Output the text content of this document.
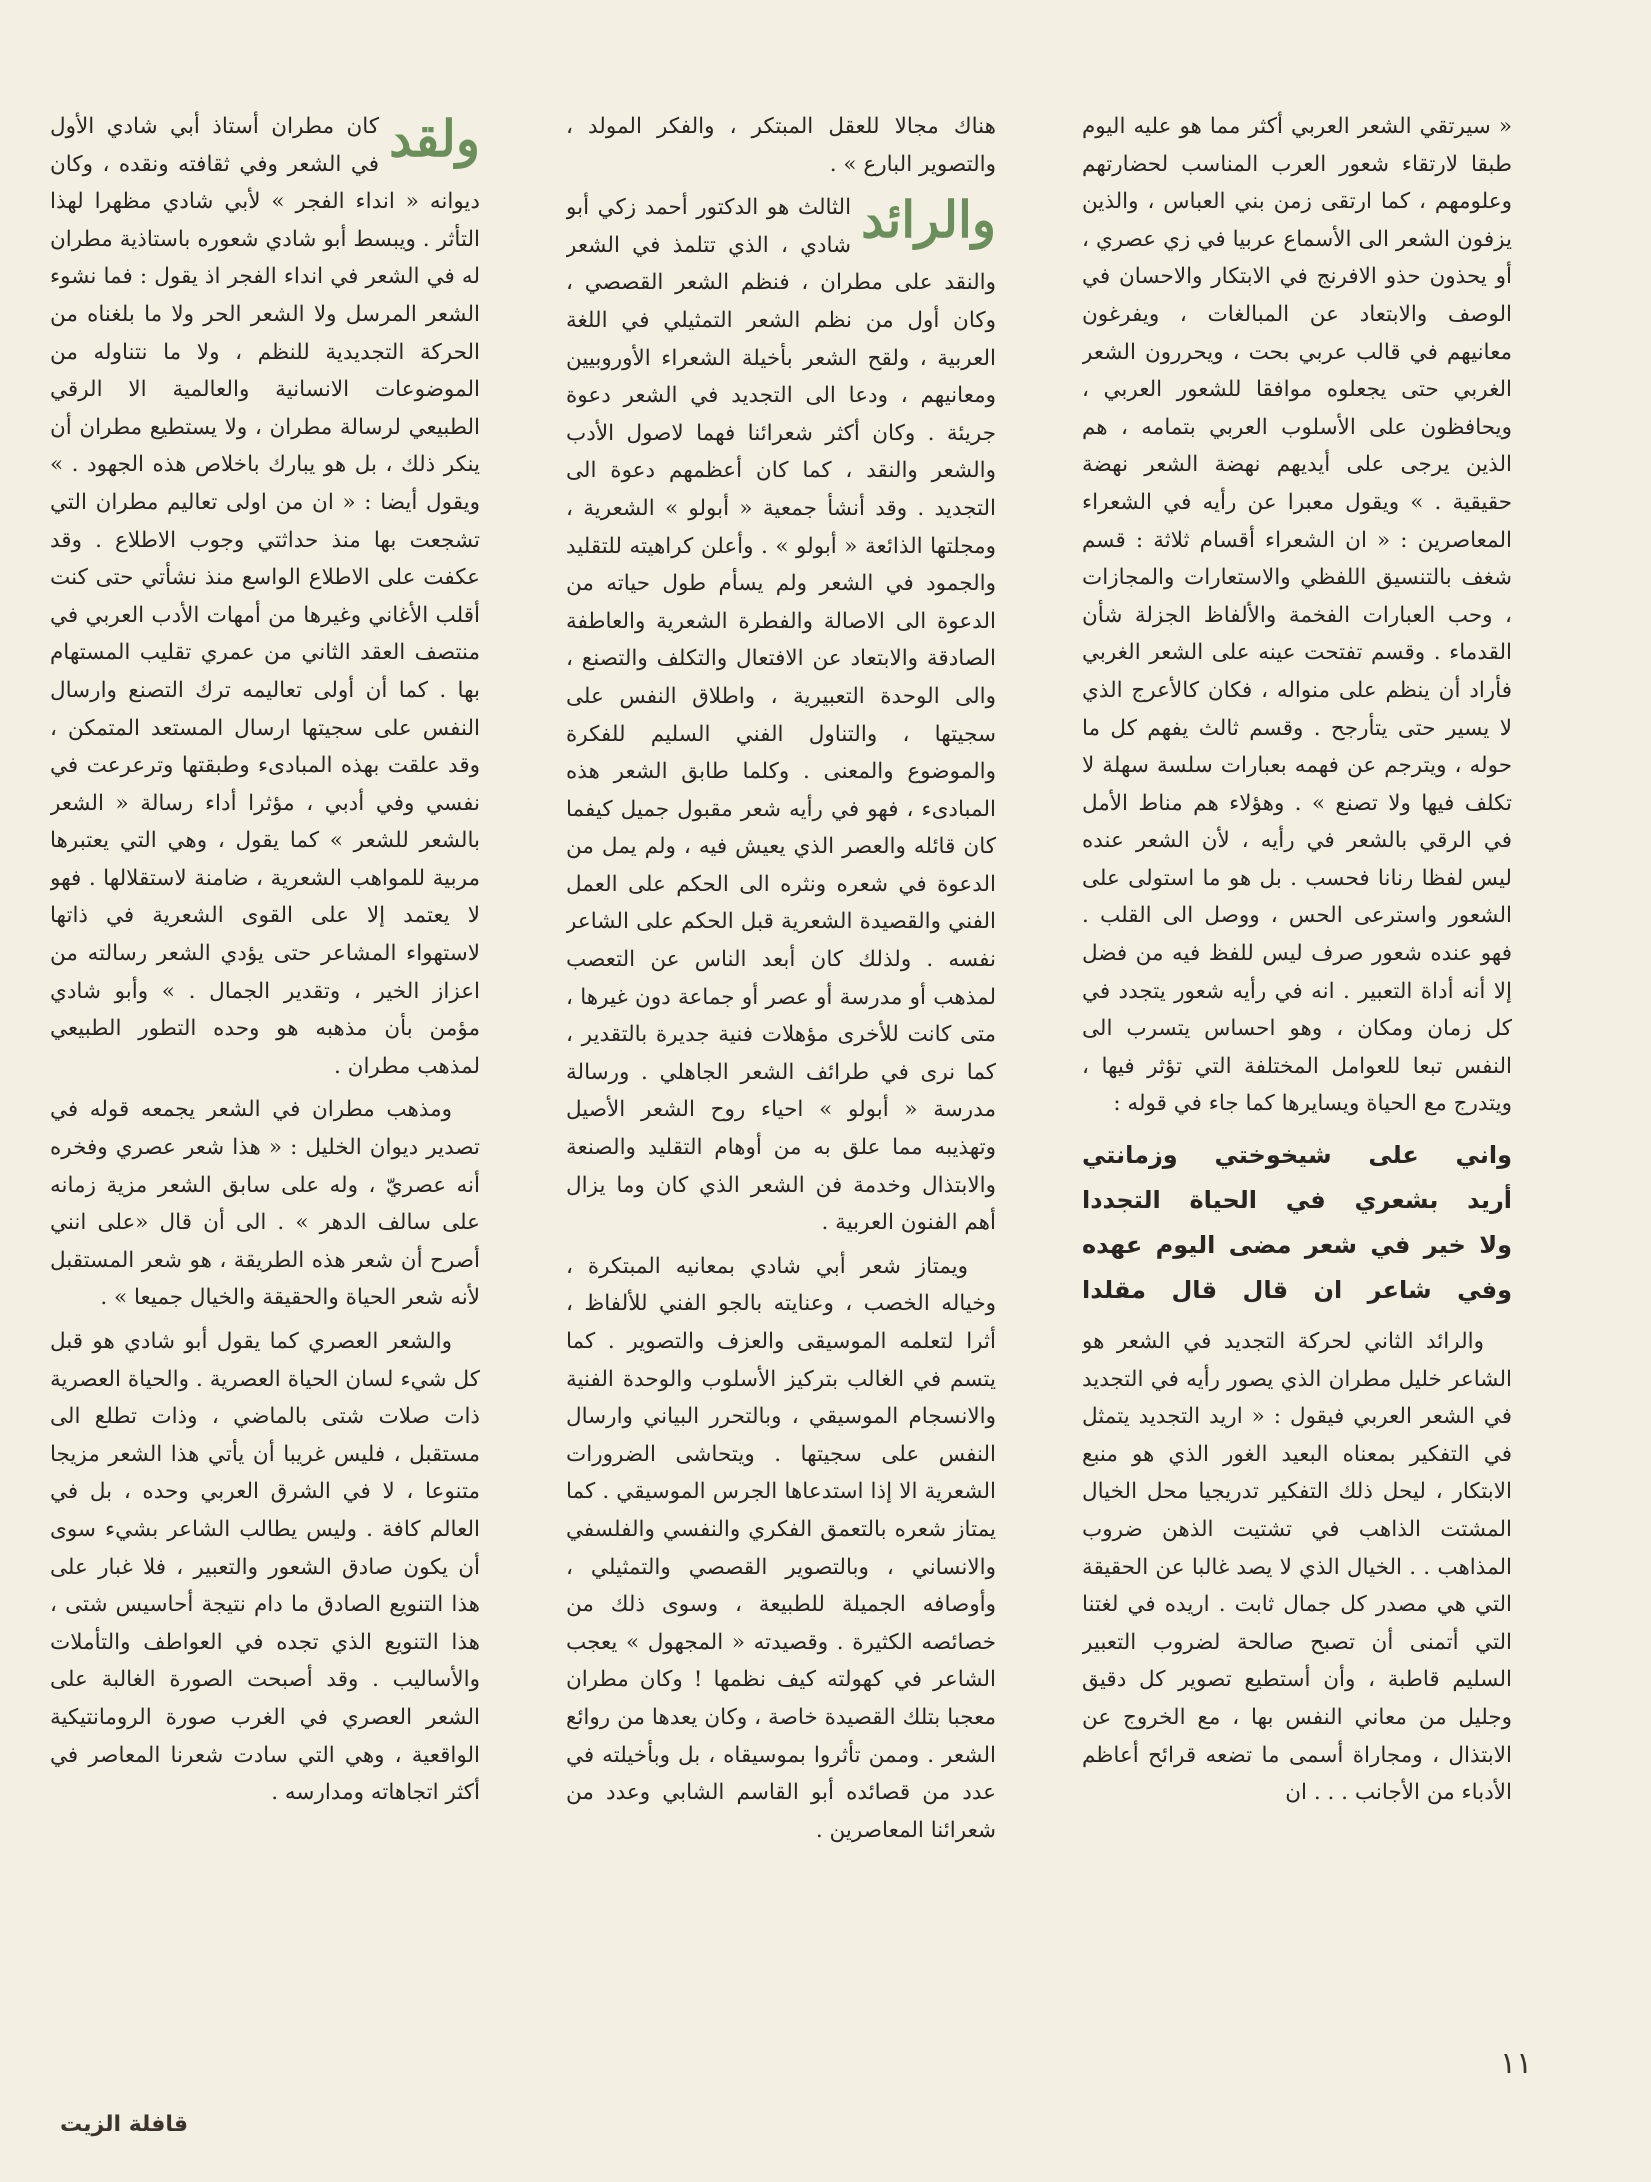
« سيرتقي الشعر العربي أكثر مما هو عليه اليوم طبقا لارتقاء شعور العرب المناسب لحضارتهم وعلومهم ، كما ارتقى زمن بني العباس ، والذين يزفون الشعر الى الأسماع عربيا في زي عصري ، أو يحذون حذو الافرنج في الابتكار والاحسان في الوصف والابتعاد عن المبالغات ، ويفرغون معانيهم في قالب عربي بحت ، ويحررون الشعر الغربي حتى يجعلوه موافقا للشعور العربي ، ويحافظون على الأسلوب العربي بتمامه ، هم الذين يرجى على أيديهم نهضة الشعر نهضة حقيقية . » ويقول معبرا عن رأيه في الشعراء المعاصرين : « ان الشعراء أقسام ثلاثة : قسم شغف بالتنسيق اللفظي والاستعارات والمجازات ، وحب العبارات الفخمة والألفاظ الجزلة شأن القدماء . وقسم تفتحت عينه على الشعر الغربي فأراد أن ينظم على منواله ، فكان كالأعرج الذي لا يسير حتى يتأرجح . وقسم ثالث يفهم كل ما حوله ، ويترجم عن فهمه بعبارات سلسة سهلة لا تكلف فيها ولا تصنع » . وهؤلاء هم مناط الأمل في الرقي بالشعر في رأيه ، لأن الشعر عنده ليس لفظا رنانا فحسب . بل هو ما استولى على الشعور واسترعى الحس ، ووصل الى القلب . فهو عنده شعور صرف ليس للفظ فيه من فضل إلا أنه أداة التعبير . انه في رأيه شعور يتجدد في كل زمان ومكان ، وهو احساس يتسرب الى النفس تبعا للعوامل المختلفة التي تؤثر فيها ، ويتدرج مع الحياة ويسايرها كما جاء في قوله :

واني على شيخوختي وزمانتي
أريد بشعري في الحياة التجددا
ولا خير في شعر مضى اليوم عهده
وفي شاعر ان قال قال مقلدا

والرائد الثاني لحركة التجديد في الشعر هو الشاعر خليل مطران الذي يصور رأيه في التجديد في الشعر العربي فيقول : « اريد التجديد يتمثل في التفكير بمعناه البعيد الغور الذي هو منبع الابتكار ، ليحل ذلك التفكير تدريجيا محل الخيال المشتت الذاهب في تشتيت الذهن ضروب المذاهب . . الخيال الذي لا يصد غالبا عن الحقيقة التي هي مصدر كل جمال ثابت . اريده في لغتنا التي أتمنى أن تصبح صالحة لضروب التعبير السليم قاطبة ، وأن أستطيع تصوير كل دقيق وجليل من معاني النفس بها ، مع الخروج عن الابتذال ، ومجاراة أسمى ما تضعه قرائح أعاظم الأدباء من الأجانب . . . ان

هناك مجالا للعقل المبتكر ، والفكر المولد ، والتصوير البارع » .

والرائد
الثالث هو الدكتور أحمد زكي أبو شادي ، الذي تتلمذ في الشعر والنقد على مطران ، فنظم الشعر القصصي ، وكان أول من نظم الشعر التمثيلي في اللغة العربية ، ولقح الشعر بأخيلة الشعراء الأوروبيين ومعانيهم ، ودعا الى التجديد في الشعر دعوة جريئة . وكان أكثر شعرائنا فهما لاصول الأدب والشعر والنقد ، كما كان أعظمهم دعوة الى التجديد . وقد أنشأ جمعية « أبولو » الشعرية ، ومجلتها الذائعة « أبولو » . وأعلن كراهيته للتقليد والجمود في الشعر ولم يسأم طول حياته من الدعوة الى الاصالة والفطرة الشعرية والعاطفة الصادقة والابتعاد عن الافتعال والتكلف والتصنع ، والى الوحدة التعبيرية ، واطلاق النفس على سجيتها ، والتناول الفني السليم للفكرة والموضوع والمعنى . وكلما طابق الشعر هذه المبادىء ، فهو في رأيه شعر مقبول جميل كيفما كان قائله والعصر الذي يعيش فيه ، ولم يمل من الدعوة في شعره ونثره الى الحكم على العمل الفني والقصيدة الشعرية قبل الحكم على الشاعر نفسه . ولذلك كان أبعد الناس عن التعصب لمذهب أو مدرسة أو عصر أو جماعة دون غيرها ، متى كانت للأخرى مؤهلات فنية جديرة بالتقدير ، كما نرى في طرائف الشعر الجاهلي . ورسالة مدرسة « أبولو » احياء روح الشعر الأصيل وتهذيبه مما علق به من أوهام التقليد والصنعة والابتذال وخدمة فن الشعر الذي كان وما يزال أهم الفنون العربية .

ويمتاز شعر أبي شادي بمعانيه المبتكرة ، وخياله الخصب ، وعنايته بالجو الفني للألفاظ ، أثرا لتعلمه الموسيقى والعزف والتصوير . كما يتسم في الغالب بتركيز الأسلوب والوحدة الفنية والانسجام الموسيقي ، وبالتحرر البياني وارسال النفس على سجيتها . ويتحاشى الضرورات الشعرية الا إذا استدعاها الجرس الموسيقي . كما يمتاز شعره بالتعمق الفكري والنفسي والفلسفي والانساني ، وبالتصوير القصصي والتمثيلي ، وأوصافه الجميلة للطبيعة ، وسوى ذلك من خصائصه الكثيرة . وقصيدته « المجهول » يعجب الشاعر في كهولته كيف نظمها ! وكان مطران معجبا بتلك القصيدة خاصة ، وكان يعدها من روائع الشعر . وممن تأثروا بموسيقاه ، بل وبأخيلته في عدد من قصائده أبو القاسم الشابي وعدد من شعرائنا المعاصرين .

ولقد
كان مطران أستاذ أبي شادي الأول في الشعر وفي ثقافته ونقده ، وكان ديوانه « انداء الفجر » لأبي شادي مظهرا لهذا التأثر . ويبسط أبو شادي شعوره باستاذية مطران له في الشعر في انداء الفجر اذ يقول : فما نشوء الشعر المرسل ولا الشعر الحر ولا ما بلغناه من الحركة التجديدية للنظم ، ولا ما نتناوله من الموضوعات الانسانية والعالمية الا الرقي الطبيعي لرسالة مطران ، ولا يستطيع مطران أن ينكر ذلك ، بل هو يبارك باخلاص هذه الجهود . » ويقول أيضا : « ان من اولى تعاليم مطران التي تشجعت بها منذ حداثتي وجوب الاطلاع . وقد عكفت على الاطلاع الواسع منذ نشأتي حتى كنت أقلب الأغاني وغيرها من أمهات الأدب العربي في منتصف العقد الثاني من عمري تقليب المستهام بها . كما أن أولى تعاليمه ترك التصنع وارسال النفس على سجيتها ارسال المستعد المتمكن ، وقد علقت بهذه المبادىء وطبقتها وترعرعت في نفسي وفي أدبي ، مؤثرا أداء رسالة « الشعر بالشعر للشعر » كما يقول ، وهي التي يعتبرها مربية للمواهب الشعرية ، ضامنة لاستقلالها . فهو لا يعتمد إلا على القوى الشعرية في ذاتها لاستهواء المشاعر حتى يؤدي الشعر رسالته من اعزاز الخير ، وتقدير الجمال . » وأبو شادي مؤمن بأن مذهبه هو وحده التطور الطبيعي لمذهب مطران .

ومذهب مطران في الشعر يجمعه قوله في تصدير ديوان الخليل : « هذا شعر عصري وفخره أنه عصريّ ، وله على سابق الشعر مزية زمانه على سالف الدهر » . الى أن قال «على انني أصرح أن شعر هذه الطريقة ، هو شعر المستقبل لأنه شعر الحياة والحقيقة والخيال جميعا » .

والشعر العصري كما يقول أبو شادي هو قبل كل شيء لسان الحياة العصرية . والحياة العصرية ذات صلات شتى بالماضي ، وذات تطلع الى مستقبل ، فليس غريبا أن يأتي هذا الشعر مزيجا متنوعا ، لا في الشرق العربي وحده ، بل في العالم كافة . وليس يطالب الشاعر بشيء سوى أن يكون صادق الشعور والتعبير ، فلا غبار على هذا التنويع الصادق ما دام نتيجة أحاسيس شتى ، هذا التنويع الذي تجده في العواطف والتأملات والأساليب . وقد أصبحت الصورة الغالبة على الشعر العصري في الغرب صورة الرومانتيكية الواقعية ، وهي التي سادت شعرنا المعاصر في أكثر اتجاهاته ومدارسه .

١١
قافلة الزيت
